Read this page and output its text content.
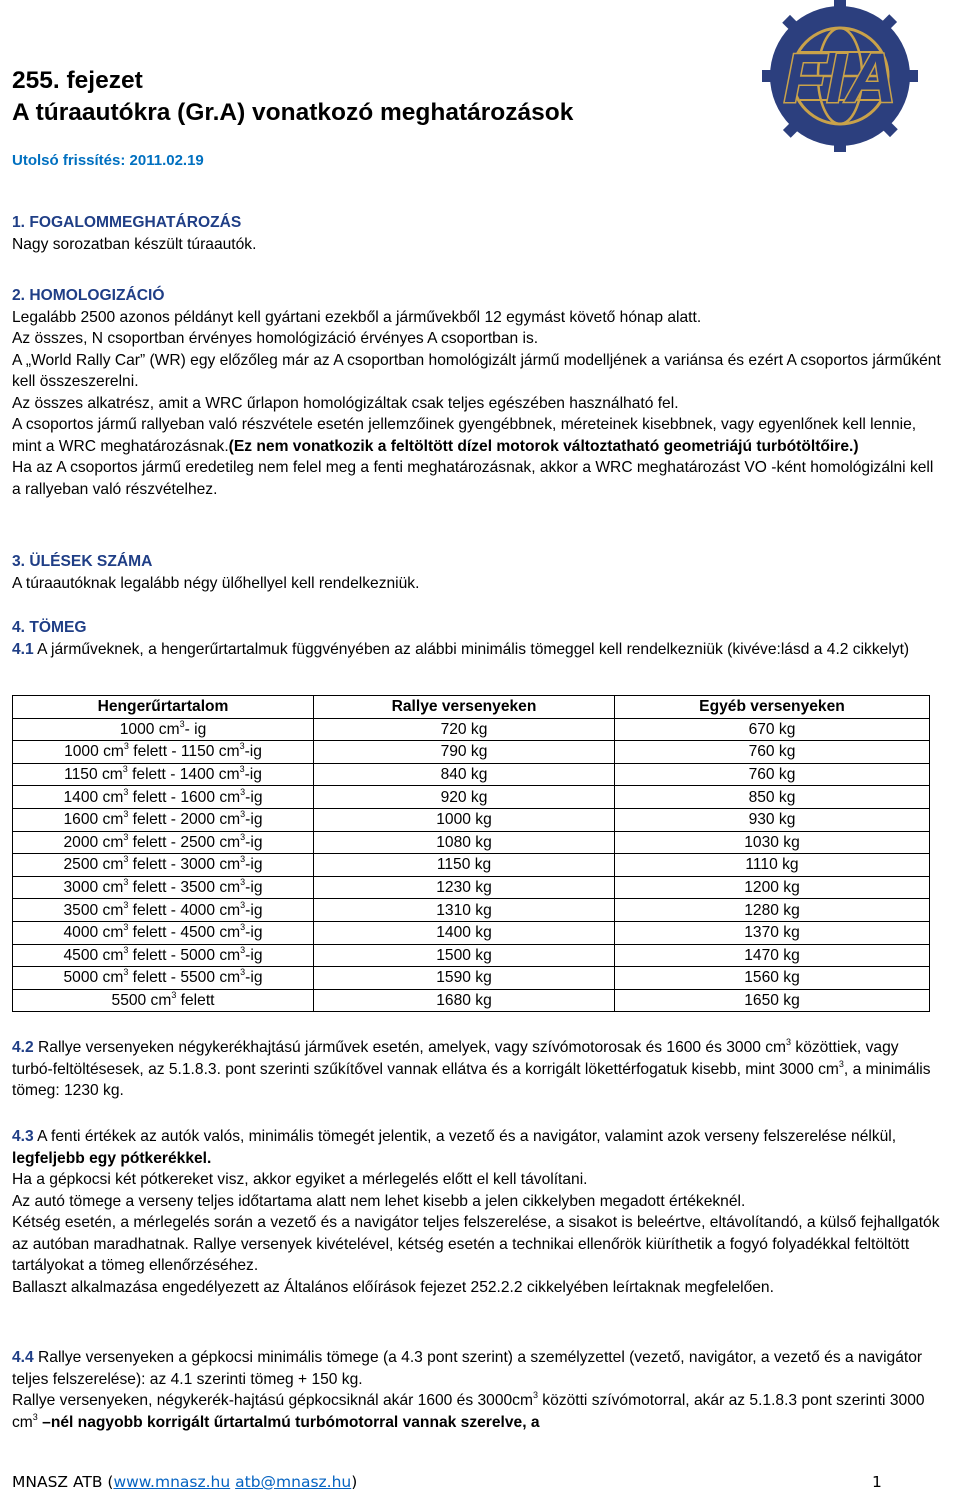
FIA
255. fejezet
A túraautókra (Gr.A) vonatkozó meghatározások
Utolsó frissítés: 2011.02.19

1. FOGALOMMEGHATÁROZÁS

Nagy sorozatban készült túraautók.

2. HOMOLOGIZÁCIÓ

Legalább 2500 azonos példányt kell gyártani ezekből a járművekből 12 egymást követő hónap alatt.

Az összes, N csoportban érvényes homológizáció érvényes A csoportban is.

A „World Rally Car” (WR) egy előzőleg már az A csoportban homológizált jármű modelljének a variánsa és ezért A csoportos járműként kell összeszerelni.

Az összes alkatrész, amit a WRC űrlapon homológizáltak csak teljes egészében használható fel.

A csoportos jármű rallyeban való részvétele esetén jellemzőinek gyengébbnek, méreteinek kisebbnek, vagy egyenlőnek kell lennie, mint a WRC meghatározásnak.(Ez nem vonatkozik a feltöltött dízel motorok változtatható geometriájú turbótöltőire.)

Ha az A csoportos jármű eredetileg nem felel meg a fenti meghatározásnak, akkor a WRC meghatározást VO -ként homológizálni kell a rallyeban való részvételhez.

3. ÜLÉSEK SZÁMA

A túraautóknak legalább négy ülőhellyel kell rendelkezniük.

4. TÖMEG

4.1 A járműveknek, a hengerűrtartalmuk függvényében az alábbi minimális tömeggel kell rendelkezniük (kivéve:lásd a 4.2 cikkelyt)

Hengerűrtartalom	Rallye versenyeken	Egyéb versenyeken
1000 $cm^3-$ ig	720 kg	670 kg
1000 $cm^3$ felett - 1150 $cm^3-ig$	790 kg	760 kg
1150 $cm^3$ felett - 1400 $cm^3-ig$	840 kg	760 kg
1400 $cm^3$ felett - 1600 $cm^3-ig$	920 kg	850 kg
1600 $cm^3$ felett - 2000 $cm^3-ig$	1000 kg	930 kg
2000 $cm^3$ felett - 2500 $cm^3-ig$	1080 kg	1030 kg
2500 $cm^3$ felett - 3000 $cm^3-ig$	1150 kg	1110 kg
3000 $cm^3$ felett - 3500 $cm^3-ig$	1230 kg	1200 kg
3500 $cm^3$ felett - 4000 $cm^3-ig$	1310 kg	1280 kg
4000 $cm^3$ felett - 4500 $cm^3-ig$	1400 kg	1370 kg
4500 $cm^3$ felett - 5000 $cm^3-ig$	1500 kg	1470 kg
5000 $cm^3$ felett - 5500 $cm^3-ig$	1590 kg	1560 kg
5500 $cm^3$ felett	1680 kg	1650 kg

4.2 Rallye versenyeken négykerékhajtású járművek esetén, amelyek, vagy szívómotorosak és 1600 és 3000 $cm^3$ közöttiek, vagy turbó-feltöltésesek, az 5.1.8.3. pont szerinti szűkítővel vannak ellátva és a korrigált lökettérfogatuk kisebb, mint 3000 $cm^3$, a minimális tömeg: 1230 kg.

4.3 A fenti értékek az autók valós, minimális tömegét jelentik, a vezető és a navigátor, valamint azok verseny felszerelése nélkül, legfeljebb egy pótkerékkel.

Ha a gépkocsi két pótkereket visz, akkor egyiket a mérlegelés előtt el kell távolítani.

Az autó tömege a verseny teljes időtartama alatt nem lehet kisebb a jelen cikkelyben megadott értékeknél.

Kétség esetén, a mérlegelés során a vezető és a navigátor teljes felszerelése, a sisakot is beleértve, eltávolítandó, a külső fejhallgatók az autóban maradhatnak. Rallye versenyek kivételével, kétség esetén a technikai ellenőrök kiüríthetik a fogyó folyadékkal feltöltött tartályokat a tömeg ellenőrzéséhez.

Ballaszt alkalmazása engedélyezett az Általános előírások fejezet 252.2.2 cikkelyében leírtaknak megfelelően.

4.4 Rallye versenyeken a gépkocsi minimális tömege (a 4.3 pont szerint) a személyzettel (vezető, navigátor, a vezető és a navigátor teljes felszerelése): az 4.1 szerinti tömeg + 150 kg.

Rallye versenyeken, négykerék-hajtású gépkocsiknál akár 1600 és $3000cm^3$ közötti szívómotorral, akár az 5.1.8.3 pont szerinti 3000 $cm^3$ –nél nagyobb korrigált űrtartalmú turbómotorral vannak szerelve, a

MNASZ ATB (www.mnasz.hu atb@mnasz.hu)	1
